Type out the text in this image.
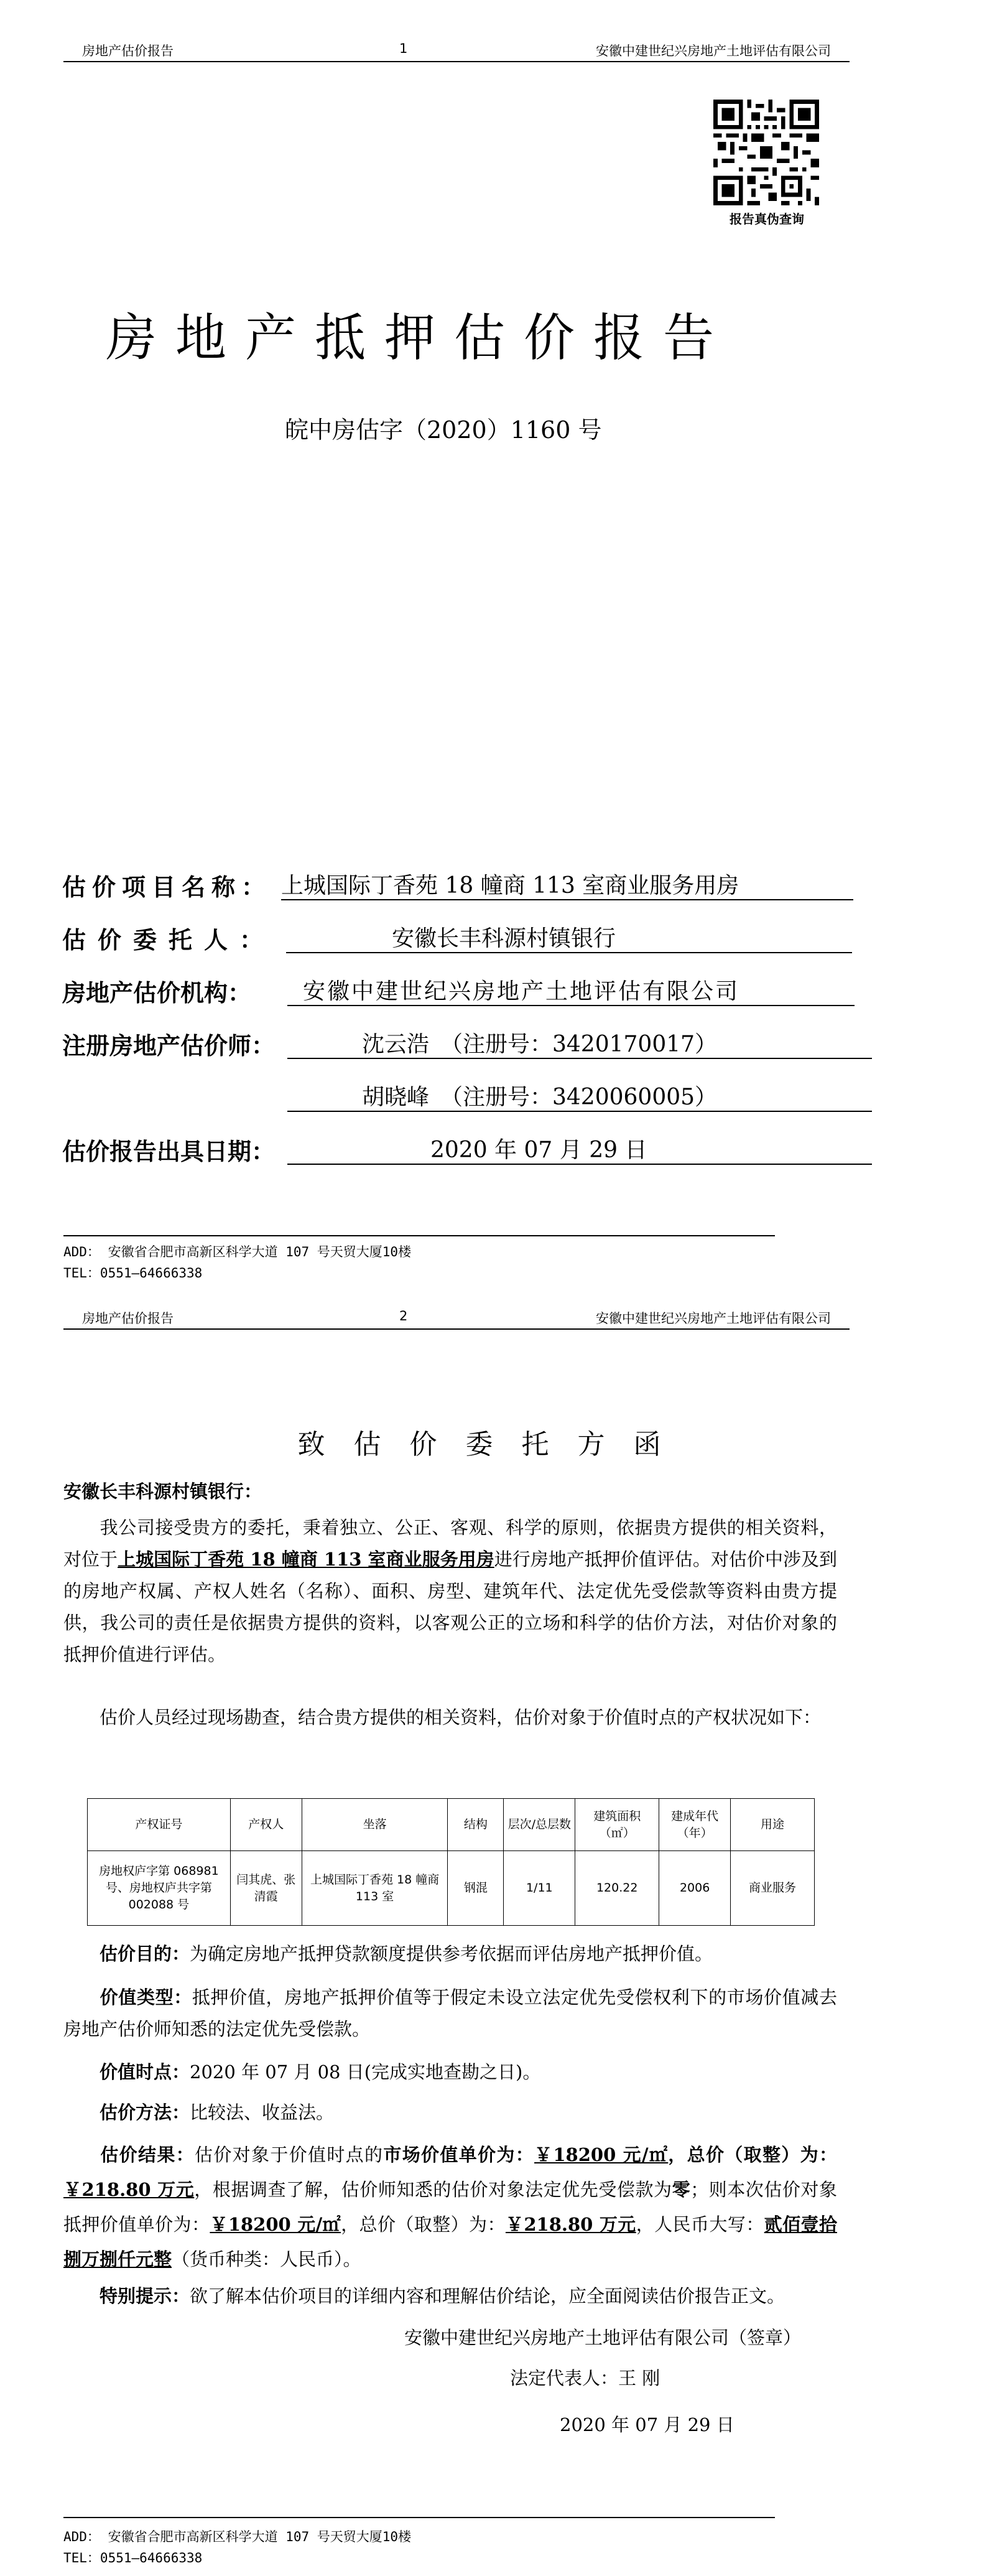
房地产估价报告	1	安徽中建世纪兴房地产土地评估有限公司
报告真伪查询
房地产抵押估价报告
皖中房估字（2020）1160 号
估价项目名称： 上城国际丁香苑 18 幢商 113 室商业服务用房
估价委托人：	安徽长丰科源村镇银行
房地产估价机构：	安徽中建世纪兴房地产土地评估有限公司
注册房地产估价师：	沈云浩　（注册号：3420170017）
胡晓峰　（注册号：3420060005）
估价报告出具日期：	2020 年 07 月 29 日
ADD： 安徽省合肥市高新区科学大道 107 号天贸大厦10楼
TEL：0551—64666338
房地产估价报告	2	安徽中建世纪兴房地产土地评估有限公司
致估价委托方函
安徽长丰科源村镇银行：
我公司接受贵方的委托，秉着独立、公正、客观、科学的原则，依据贵方提供的相关资料，对位于上城国际丁香苑 18 幢商 113 室商业服务用房进行房地产抵押价值评估。对估价中涉及到的房地产权属、产权人姓名（名称）、面积、房型、建筑年代、法定优先受偿款等资料由贵方提供，我公司的责任是依据贵方提供的资料，以客观公正的立场和科学的估价方法，对估价对象的抵押价值进行评估。
估价人员经过现场勘查，结合贵方提供的相关资料，估价对象于价值时点的产权状况如下：
产权证号	产权人	坐落	结构	层次/总层数	建筑面积（㎡）	建成年代（年）	用途
房地权庐字第 068981 号、房地权庐共字第 002088 号	闫其虎、张清霞	上城国际丁香苑 18 幢商 113 室	钢混	1/11	120.22	2006	商业服务
估价目的：为确定房地产抵押贷款额度提供参考依据而评估房地产抵押价值。
价值类型：抵押价值，房地产抵押价值等于假定未设立法定优先受偿权利下的市场价值减去房地产估价师知悉的法定优先受偿款。
价值时点：2020 年 07 月 08 日(完成实地查勘之日)。
估价方法：比较法、收益法。
估价结果：估价对象于价值时点的市场价值单价为：￥18200 元/㎡，总价（取整）为：￥218.80 万元，根据调查了解，估价师知悉的估价对象法定优先受偿款为零；则本次估价对象抵押价值单价为：￥18200 元/㎡，总价（取整）为：￥218.80 万元，人民币大写：贰佰壹拾捌万捌仟元整（货币种类：人民币）。
特别提示：欲了解本估价项目的详细内容和理解估价结论，应全面阅读估价报告正文。
安徽中建世纪兴房地产土地评估有限公司（签章）
法定代表人：王 刚
2020 年 07 月 29 日
ADD： 安徽省合肥市高新区科学大道 107 号天贸大厦10楼
TEL：0551—64666338
